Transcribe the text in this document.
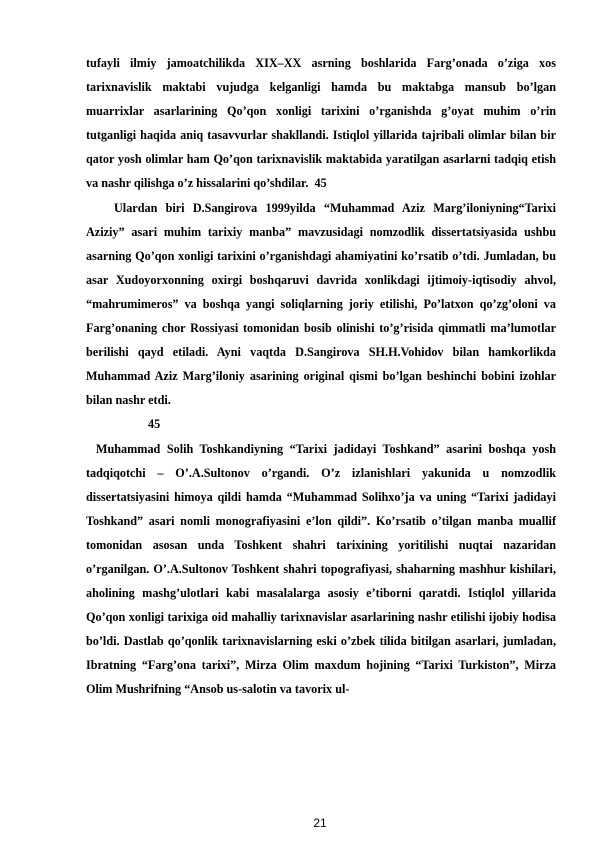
tufayli ilmiy jamoatchilikda XIX–XX asrning boshlarida Farg’onada o’ziga xos tarixnavislik maktabi vujudga kelganligi hamda bu maktabga mansub bo’lgan muarrixlar asarlarining Qo’qon xonligi tarixini o’rganishda g’oyat muhim o’rin tutganligi haqida aniq tasavvurlar shakllandi. Istiqlol yillarida tajribali olimlar bilan bir qator yosh olimlar ham Qo’qon tarixnavislik maktabida yaratilgan asarlarni tadqiq etish va nashr qilishga o’z hissalarini qo’shdilar. 45

Ulardan biri D.Sangirova 1999yilda “Muhammad Aziz Marg’iloniyning“Tarixi Aziziy” asari muhim tarixiy manba” mavzusidagi nomzodlik dissertatsiyasida ushbu asarning Qo’qon xonligi tarixini o’rganishdagi ahamiyatini ko’rsatib o’tdi. Jumladan, bu asar Xudoyorxonning oxirgi boshqaruvi davrida xonlikdagi ijtimoiy-iqtisodiy ahvol, “mahrumimeros” va boshqa yangi soliqlarning joriy etilishi, Po’latxon qo’zg’oloni va Farg’onaning chor Rossiyasi tomonidan bosib olinishi to’g’risida qimmatli ma’lumotlar berilishi qayd etiladi. Ayni vaqtda D.Sangirova SH.H.Vohidov bilan hamkorlikda Muhammad Aziz Marg’iloniy asarining original qismi bo’lgan beshinchi bobini izohlar bilan nashr etdi.
45

Muhammad Solih Toshkandiyning “Tarixi jadidayi Toshkand” asarini boshqa yosh tadqiqotchi – O’.A.Sultonov o’rgandi. O’z izlanishlari yakunida u nomzodlik dissertatsiyasini himoya qildi hamda “Muhammad Solihxo’ja va uning “Tarixi jadidayi Toshkand” asari nomli monografiyasini e’lon qildi”. Ko’rsatib o’tilgan manba muallif tomonidan asosan unda Toshkent shahri tarixining yoritilishi nuqtai nazaridan o’rganilgan. O’.A.Sultonov Toshkent shahri topografiyasi, shaharning mashhur kishilari, aholining mashg’ulotlari kabi masalalarga asosiy e’tiborni qaratdi. Istiqlol yillarida Qo’qon xonligi tarixiga oid mahalliy tarixnavislar asarlarining nashr etilishi ijobiy hodisa bo’ldi. Dastlab qo’qonlik tarixnavislarning eski o’zbek tilida bitilgan asarlari, jumladan, Ibratning “Farg’ona tarixi”, Mirza Olim maxdum hojining “Tarixi Turkiston”, Mirza Olim Mushrifning “Ansob us-salotin va tavorix ul-

21
